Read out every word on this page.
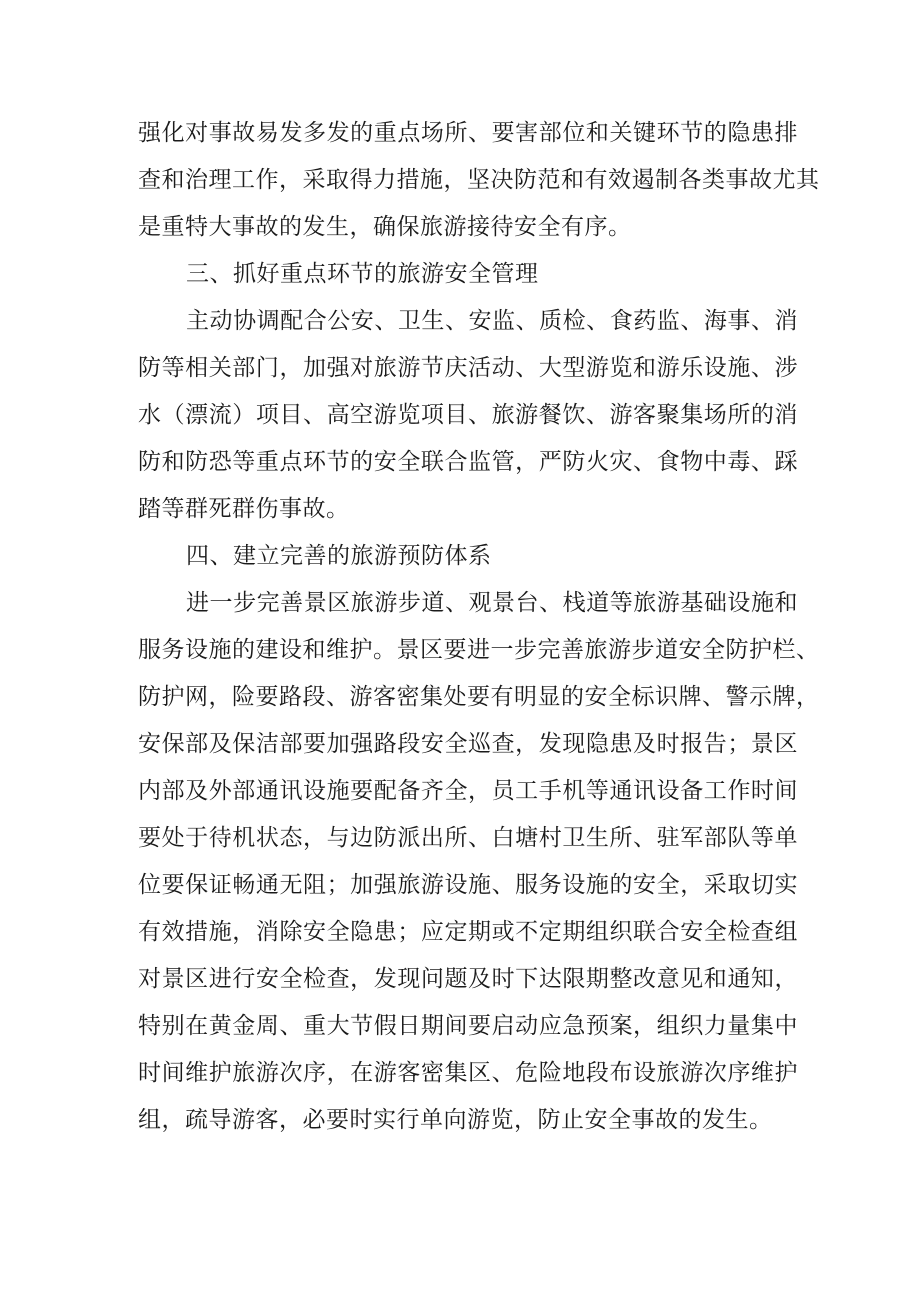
强化对事故易发多发的重点场所、要害部位和关键环节的隐患排
查和治理工作，采取得力措施，坚决防范和有效遏制各类事故尤其
是重特大事故的发生，确保旅游接待安全有序。
三、抓好重点环节的旅游安全管理
主动协调配合公安、卫生、安监、质检、食药监、海事、消
防等相关部门，加强对旅游节庆活动、大型游览和游乐设施、涉
水（漂流）项目、高空游览项目、旅游餐饮、游客聚集场所的消
防和防恐等重点环节的安全联合监管，严防火灾、食物中毒、踩
踏等群死群伤事故。
四、建立完善的旅游预防体系
进一步完善景区旅游步道、观景台、栈道等旅游基础设施和
服务设施的建设和维护。景区要进一步完善旅游步道安全防护栏、
防护网，险要路段、游客密集处要有明显的安全标识牌、警示牌，
安保部及保洁部要加强路段安全巡查，发现隐患及时报告；景区
内部及外部通讯设施要配备齐全，员工手机等通讯设备工作时间
要处于待机状态，与边防派出所、白塘村卫生所、驻军部队等单
位要保证畅通无阻；加强旅游设施、服务设施的安全，采取切实
有效措施，消除安全隐患；应定期或不定期组织联合安全检查组
对景区进行安全检查，发现问题及时下达限期整改意见和通知，
特别在黄金周、重大节假日期间要启动应急预案，组织力量集中
时间维护旅游次序，在游客密集区、危险地段布设旅游次序维护
组，疏导游客，必要时实行单向游览，防止安全事故的发生。
